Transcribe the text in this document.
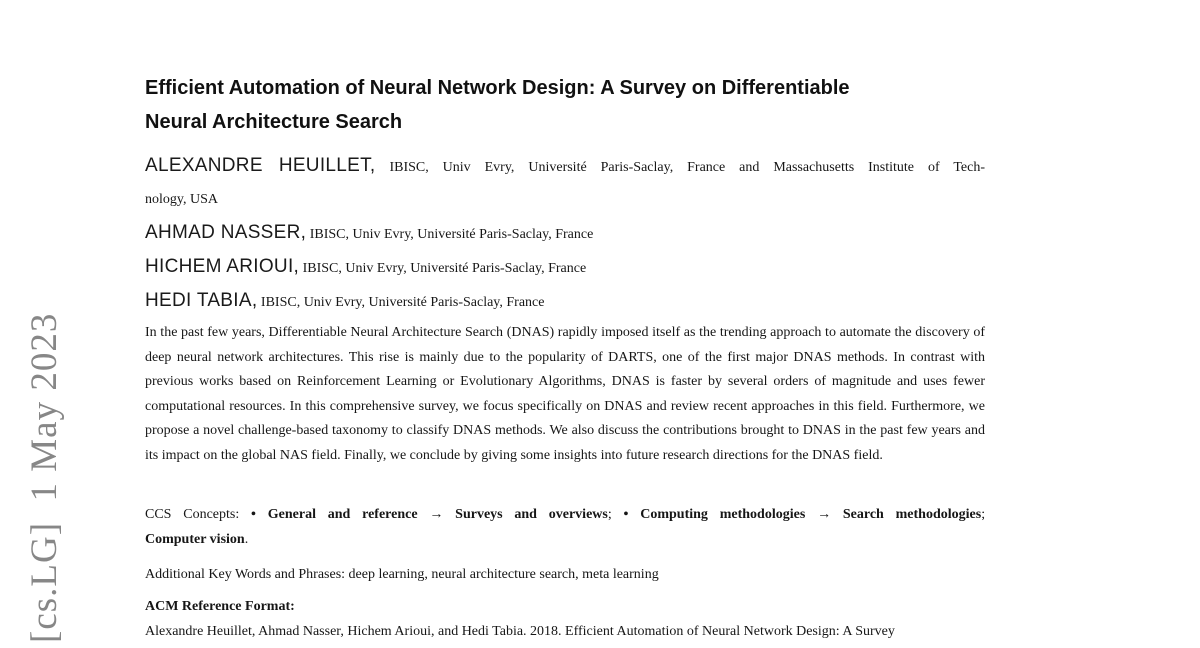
[cs.LG]  1 May 2023
Efficient Automation of Neural Network Design: A Survey on Differentiable
Neural Architecture Search
ALEXANDRE HEUILLET, IBISC, Univ Evry, Université Paris-Saclay, France and Massachusetts Institute of Tech-
nology, USA
AHMAD NASSER, IBISC, Univ Evry, Université Paris-Saclay, France
HICHEM ARIOUI, IBISC, Univ Evry, Université Paris-Saclay, France
HEDI TABIA, IBISC, Univ Evry, Université Paris-Saclay, France

In the past few years, Differentiable Neural Architecture Search (DNAS) rapidly imposed itself as the trending approach to automate the discovery of deep neural network architectures. This rise is mainly due to the popularity of DARTS, one of the first major DNAS methods. In contrast with previous works based on Reinforcement Learning or Evolutionary Algorithms, DNAS is faster by several orders of magnitude and uses fewer computational resources. In this comprehensive survey, we focus specifically on DNAS and review recent approaches in this field. Furthermore, we propose a novel challenge-based taxonomy to classify DNAS methods. We also discuss the contributions brought to DNAS in the past few years and its impact on the global NAS field. Finally, we conclude by giving some insights into future research directions for the DNAS field.

CCS Concepts: • General and reference → Surveys and overviews; • Computing methodologies → Search methodologies;
Computer vision.

Additional Key Words and Phrases: deep learning, neural architecture search, meta learning

ACM Reference Format:

Alexandre Heuillet, Ahmad Nasser, Hichem Arioui, and Hedi Tabia. 2018. Efficient Automation of Neural Network Design: A Survey
